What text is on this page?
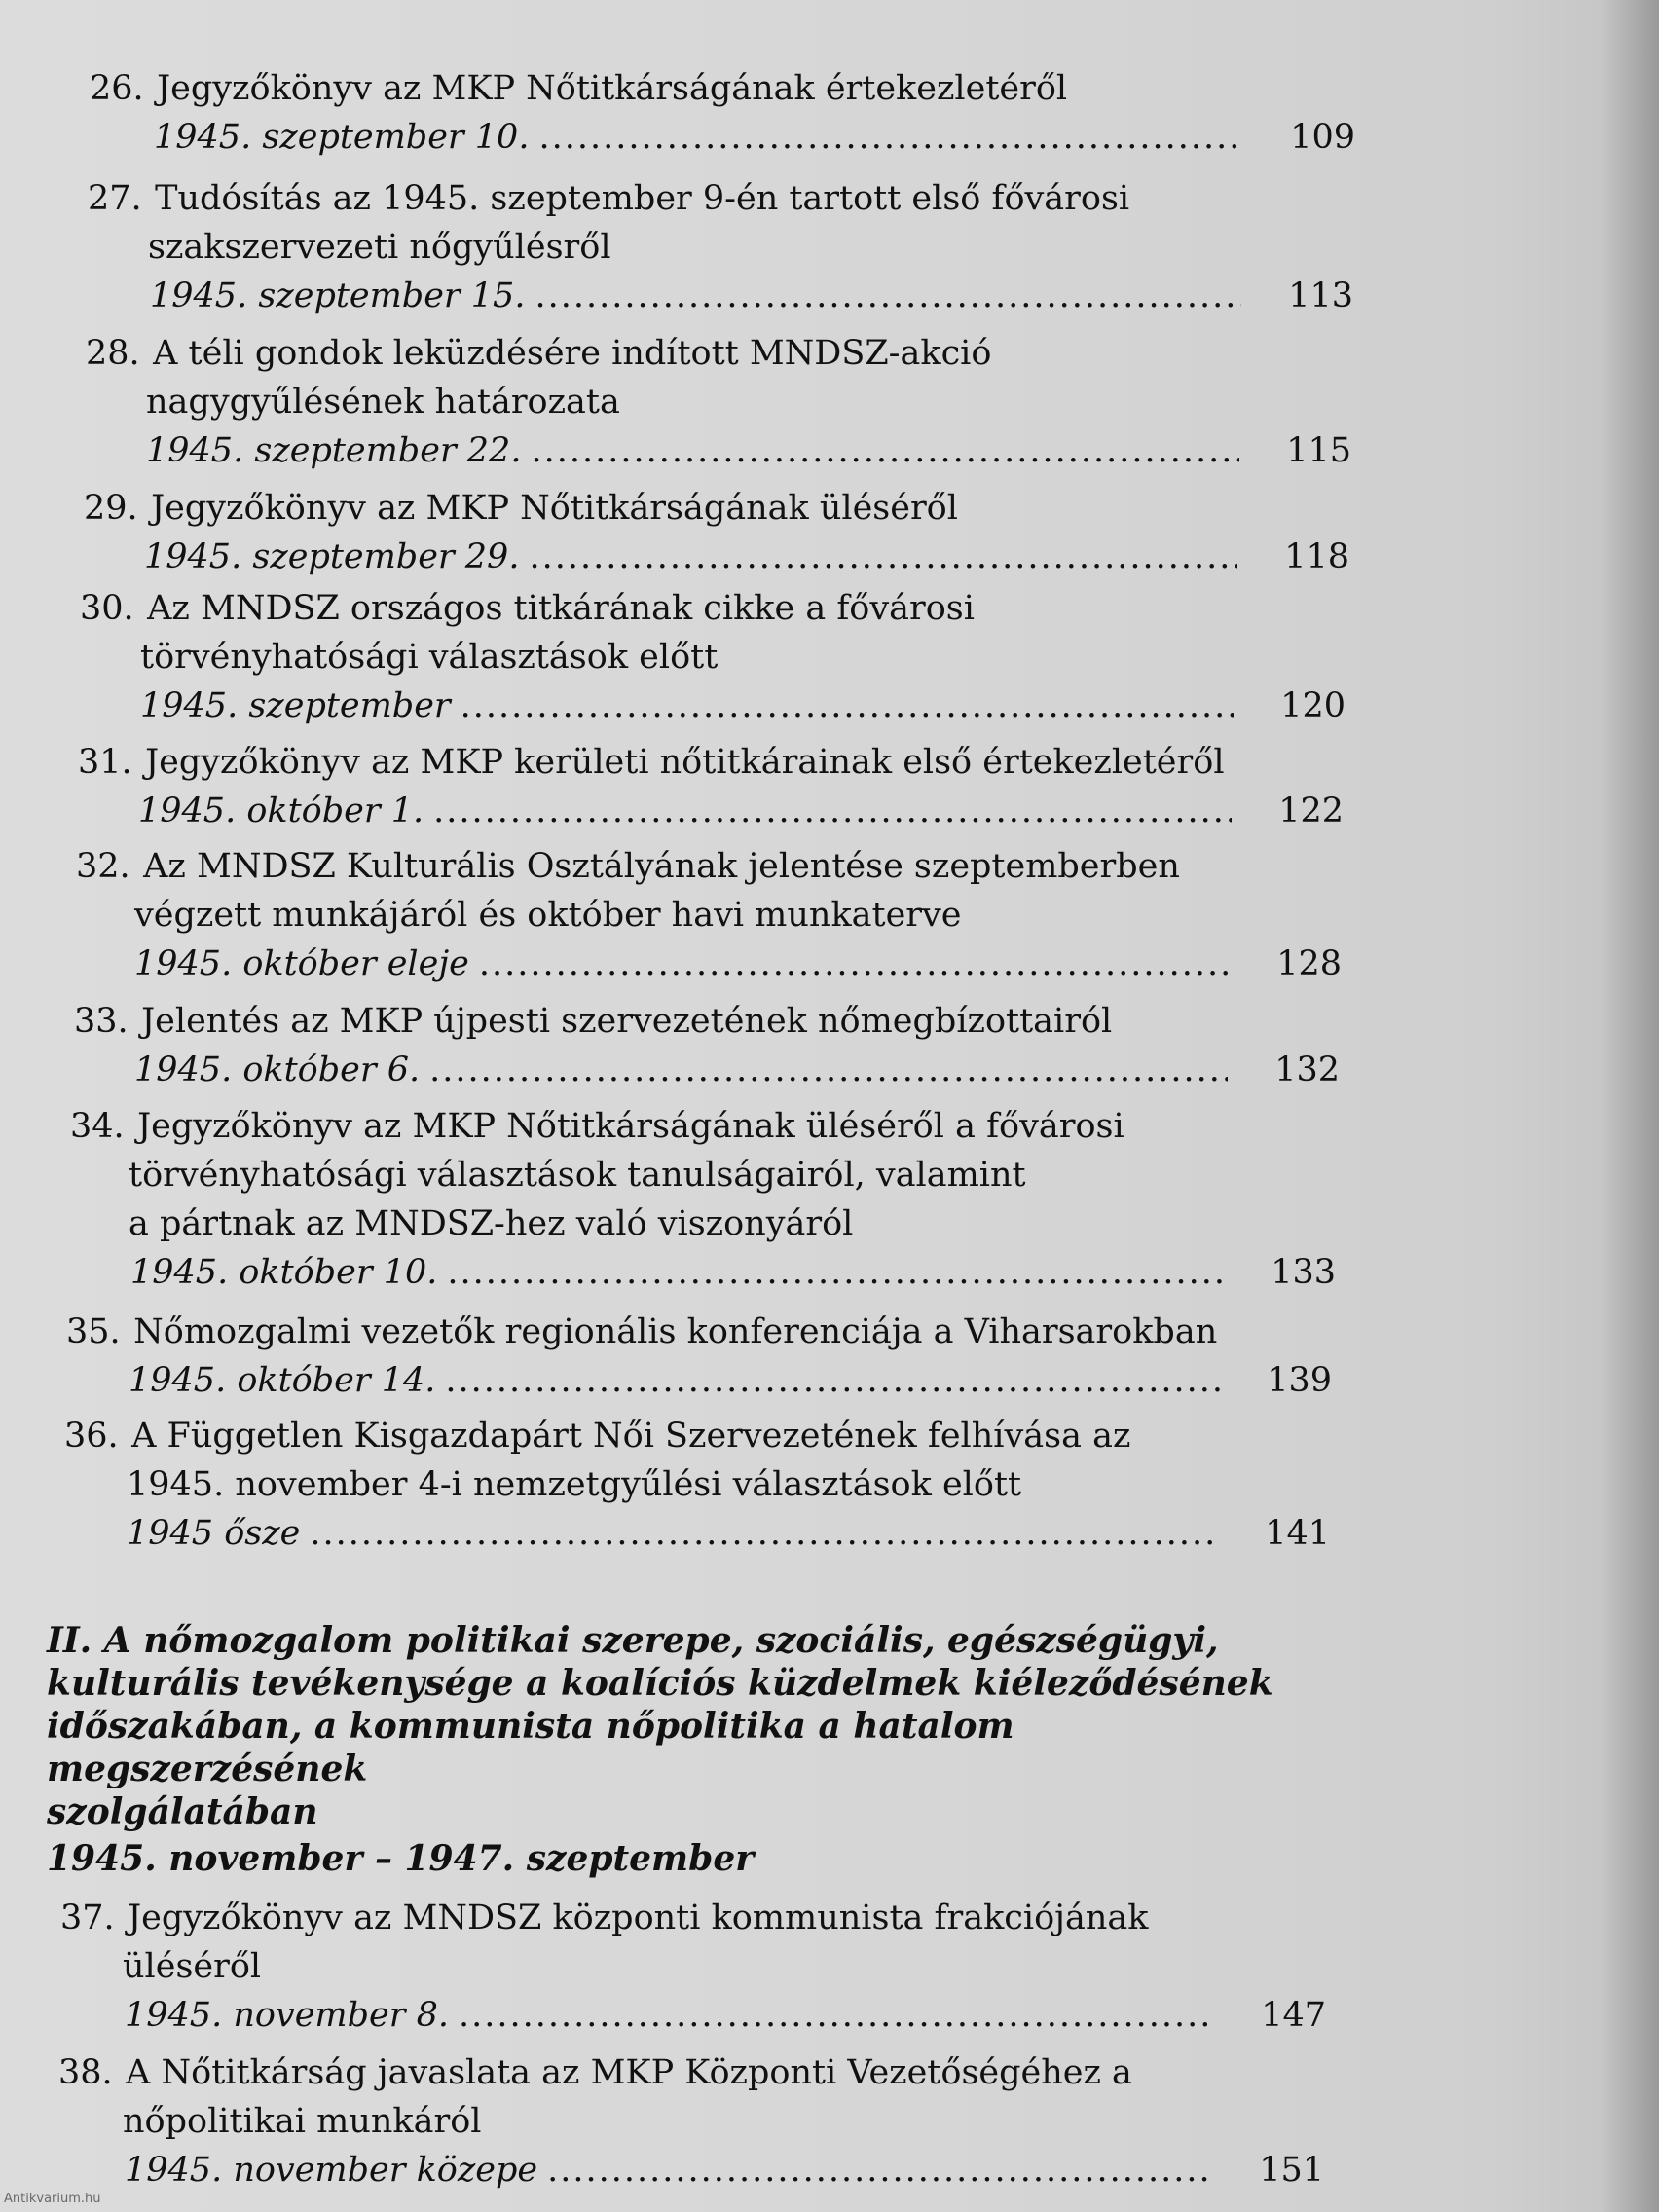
26. Jegyzőkönyv az MKP Nőtitkárságának értekezletéről
1945. szeptember 10. .....	109
27. Tudósítás az 1945. szeptember 9-én tartott első fővárosi
szakszervezeti nőgyűlésről
1945. szeptember 15. .....	113
28. A téli gondok leküzdésére indított MNDSZ-akció
nagygyűlésének határozata
1945. szeptember 22. .....	115
29. Jegyzőkönyv az MKP Nőtitkárságának üléséről
1945. szeptember 29. .....	118
30. Az MNDSZ országos titkárának cikke a fővárosi
törvényhatósági választások előtt
1945. szeptember .....	120
31. Jegyzőkönyv az MKP kerületi nőtitkárainak első értekezletéről
1945. október 1. .....	122
32. Az MNDSZ Kulturális Osztályának jelentése szeptemberben
végzett munkájáról és október havi munkaterve
1945. október eleje .....	128
33. Jelentés az MKP újpesti szervezetének nőmegbízottairól
1945. október 6. .....	132
34. Jegyzőkönyv az MKP Nőtitkárságának üléséről a fővárosi
törvényhatósági választások tanulságairól, valamint
a pártnak az MNDSZ-hez való viszonyáról
1945. október 10. .....	133
35. Nőmozgalmi vezetők regionális konferenciája a Viharsarokban
1945. október 14. .....	139
36. A Független Kisgazdapárt Női Szervezetének felhívása az
1945. november 4-i nemzetgyűlési választások előtt
1945 ősze .....	141
II. A nőmozgalom politikai szerepe, szociális, egészségügyi,
kulturális tevékenysége a koalíciós küzdelmek kiéleződésének
időszakában, a kommunista nőpolitika a hatalom megszerzésének
szolgálatában
1945. november – 1947. szeptember
37. Jegyzőkönyv az MNDSZ központi kommunista frakciójának
üléséről
1945. november 8. .....	147
38. A Nőtitkárság javaslata az MKP Központi Vezetőségéhez a
nőpolitikai munkáról
1945. november közepe .....	151
Antikvarium.hu
